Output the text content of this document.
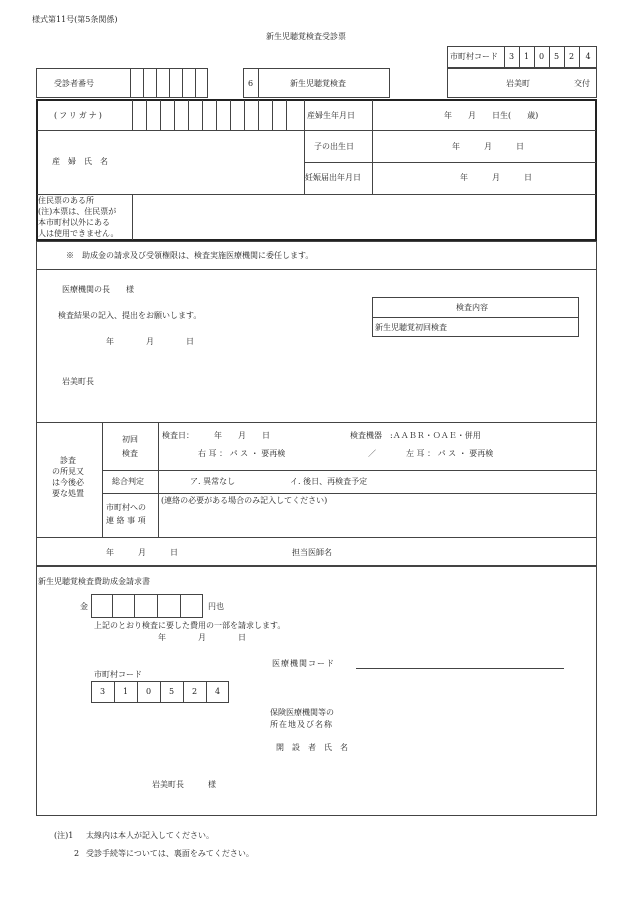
様式第11号(第5条関係)
新生児聴覚検査受診票
市町村コード	3	1	0	5	2	4
受診者番号	6	新生児聴覚検査	岩美町	交付
(フリガナ)
産　婦　氏　名
産婦生年月日	年　　月　　日生(　　歳)
子の出生日	年　　　月　　　日
妊娠届出年月日	年　　　月　　　日
住民票のある所
(注)本票は、住民票が
本市町村以外にある
人は使用できません。
※　助成金の請求及び受領権限は、検査実施医療機関に委任します。
医療機関の長　　様
検査結果の記入、提出をお願いします。
年　　　　月　　　　日
岩美町長
検査内容
新生児聴覚初回検査
診査
の所見又
は今後必
要な処置
初回
検査
検査日：　　　年　　月　　日	検査機器　:ＡＡＢＲ・ＯＡＥ・併用
右 耳 ： パ ス ・ 要再検	／	左 耳 ： パ ス ・ 要再検
総合判定	ア. 異常なし	イ. 後日、再検査予定
市町村への
連 絡 事 項
(連絡の必要がある場合のみ記入してください)
年　　　月　　　日	担当医師名
新生児聴覚検査費助成金請求書
金	円也
上記のとおり検査に要した費用の一部を請求します。
年　　　　月　　　　日
医療機関コード
市町村コード
3	1	0	5	2	4
保険医療機関等の
所在地及び名称
開　設　者　氏　名
岩美町長　　　様
(注)1 太線内は本人が記入してください。
2 受診手続等については、裏面をみてください。
